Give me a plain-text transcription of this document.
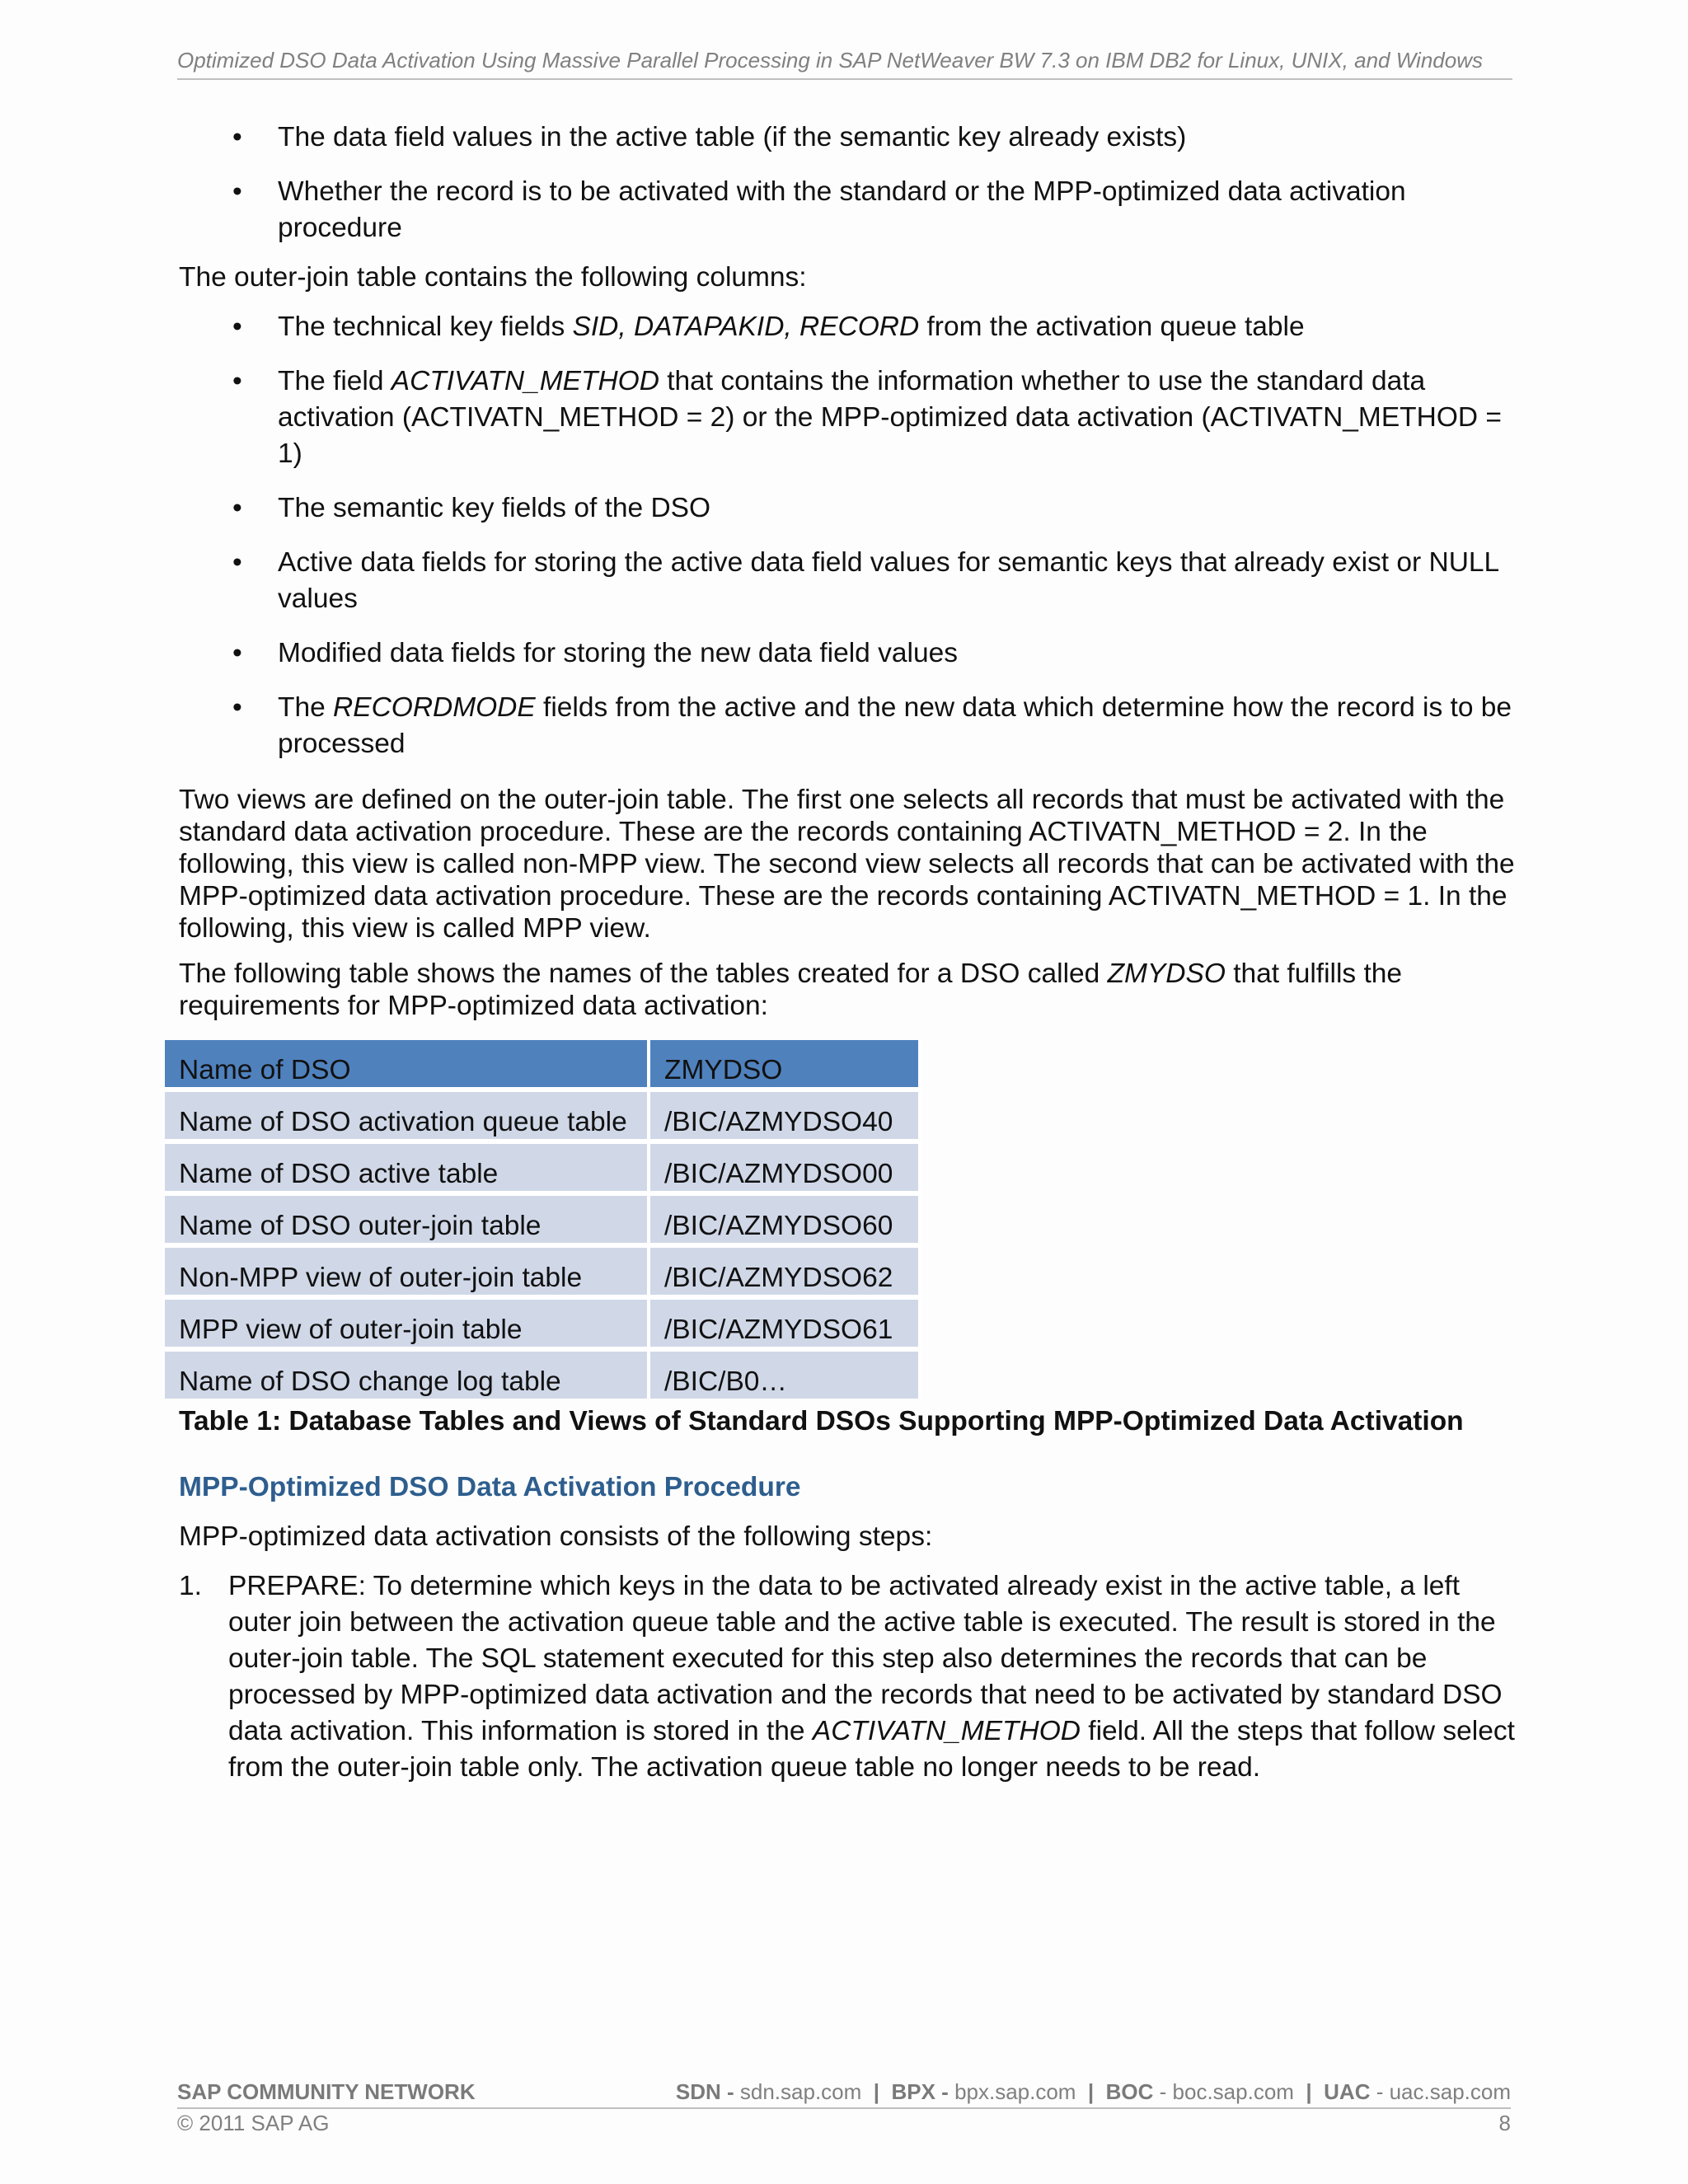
Optimized DSO Data Activation Using Massive Parallel Processing in SAP NetWeaver BW 7.3 on IBM DB2 for Linux, UNIX, and Windows
• The data field values in the active table (if the semantic key already exists)
• Whether the record is to be activated with the standard or the MPP-optimized data activation procedure

The outer-join table contains the following columns:

• The technical key fields SID, DATAPAKID, RECORD from the activation queue table
• The field ACTIVATN_METHOD that contains the information whether to use the standard data activation (ACTIVATN_METHOD = 2) or the MPP-optimized data activation (ACTIVATN_METHOD = 1)
• The semantic key fields of the DSO
• Active data fields for storing the active data field values for semantic keys that already exist or NULL values
• Modified data fields for storing the new data field values
• The RECORDMODE fields from the active and the new data which determine how the record is to be processed

Two views are defined on the outer-join table. The first one selects all records that must be activated with the standard data activation procedure. These are the records containing ACTIVATN_METHOD = 2. In the following, this view is called non-MPP view. The second view selects all records that can be activated with the MPP-optimized data activation procedure. These are the records containing ACTIVATN_METHOD = 1. In the following, this view is called MPP view.

The following table shows the names of the tables created for a DSO called ZMYDSO that fulfills the requirements for MPP-optimized data activation:

Name of DSO	ZMYDSO
Name of DSO activation queue table	/BIC/AZMYDSO40
Name of DSO active table	/BIC/AZMYDSO00
Name of DSO outer-join table	/BIC/AZMYDSO60
Non-MPP view of outer-join table	/BIC/AZMYDSO62
MPP view of outer-join table	/BIC/AZMYDSO61
Name of DSO change log table	/BIC/B0…

Table 1: Database Tables and Views of Standard DSOs Supporting MPP-Optimized Data Activation

MPP-Optimized DSO Data Activation Procedure

MPP-optimized data activation consists of the following steps:

1. PREPARE: To determine which keys in the data to be activated already exist in the active table, a left outer join between the activation queue table and the active table is executed. The result is stored in the outer-join table. The SQL statement executed for this step also determines the records that can be processed by MPP-optimized data activation and the records that need to be activated by standard DSO data activation. This information is stored in the ACTIVATN_METHOD field. All the steps that follow select from the outer-join table only. The activation queue table no longer needs to be read.
SAP COMMUNITY NETWORK	SDN - sdn.sap.com | BPX - bpx.sap.com | BOC - boc.sap.com | UAC - uac.sap.com
© 2011 SAP AG	8
